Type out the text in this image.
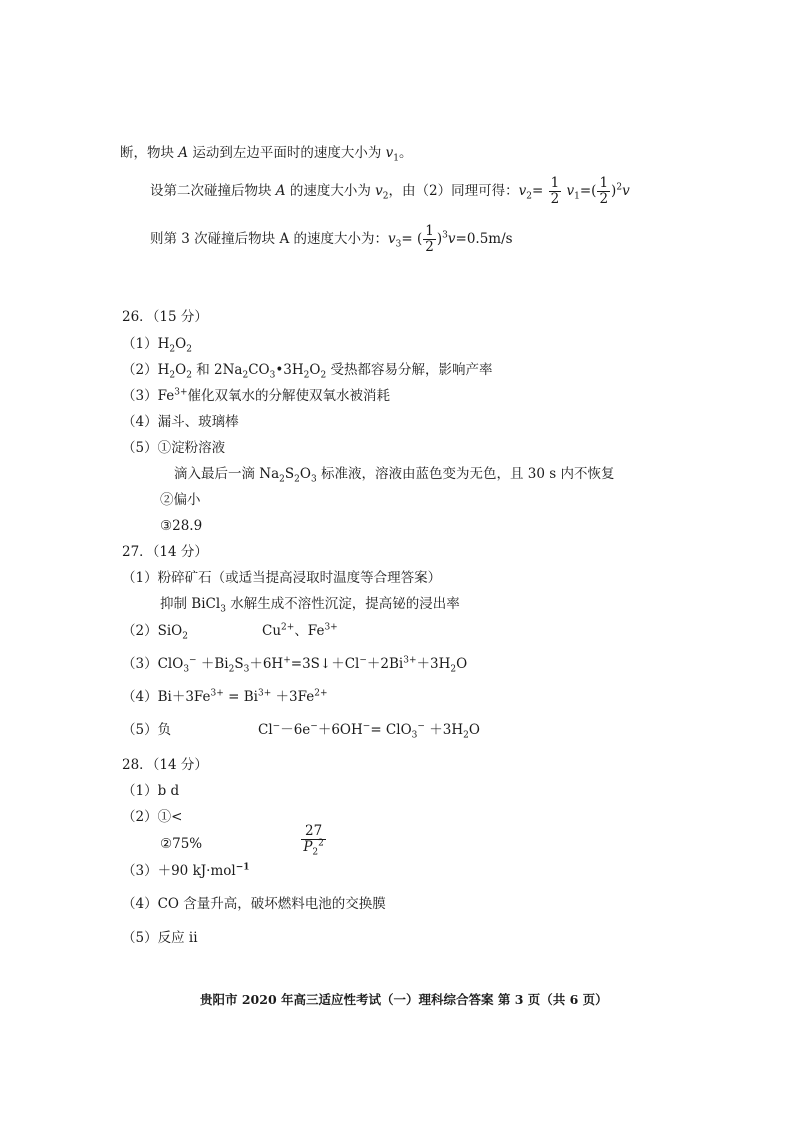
断，物块 A 运动到左边平面时的速度大小为 $v_1$。
设第二次碰撞后物块 A 的速度大小为 $v_2$，由（2）同理可得：$v_2= \frac{1}{2} v_1=( \frac{1}{2} )^2v$
则第 3 次碰撞后物块 A 的速度大小为：$v_3=$ ( $\frac{1}{2} )^3v=0.5m/s$
26．（15 分）
$(1)H_2O_2$
$(2)H_2O_2$ 和 $2Na_2CO_3•3H_2O_2$ 受热都容易分解，影响产率
$(3)Fe^{3+}$催化双氧水的分解使双氧水被消耗
（4）漏斗、玻璃棒
（5）①淀粉溶液
滴入最后一滴 $Na_2S_2O_3$ 标准液，溶液由蓝色变为无色，且 30 s 内不恢复
②偏小
③28.9
27．（14 分）
（1）粉碎矿石（或适当提高浸取时温度等合理答案）
抑制 BiCl$_3$ 水解生成不溶性沉淀，提高铋的浸出率
（2）SiO$_2$	$Cu^{2+}$、$Fe^{3+}$
$(3)ClO_3^- +Bi_2S_3+6H^+=3S↓+Cl^-+2Bi^{3+}+3H_2O$
$(4)Bi+3Fe^{3+} = Bi^{3+} +3Fe^{2+}$
（5）负	$Cl^--6e^-+6OH^-= ClO_3^- +3H_2O$
28．（14 分）
（1）b d
（2）①<
②75%	$\frac{27}{P_2^2}$
（3）＋90 kJ·mol$^{-1}$
（4）CO 含量升高，破坏燃料电池的交换膜
（5）反应 ii
贵阳市 2020 年高三适应性考试（一）理科综合答案 第 3 页（共 6 页）
